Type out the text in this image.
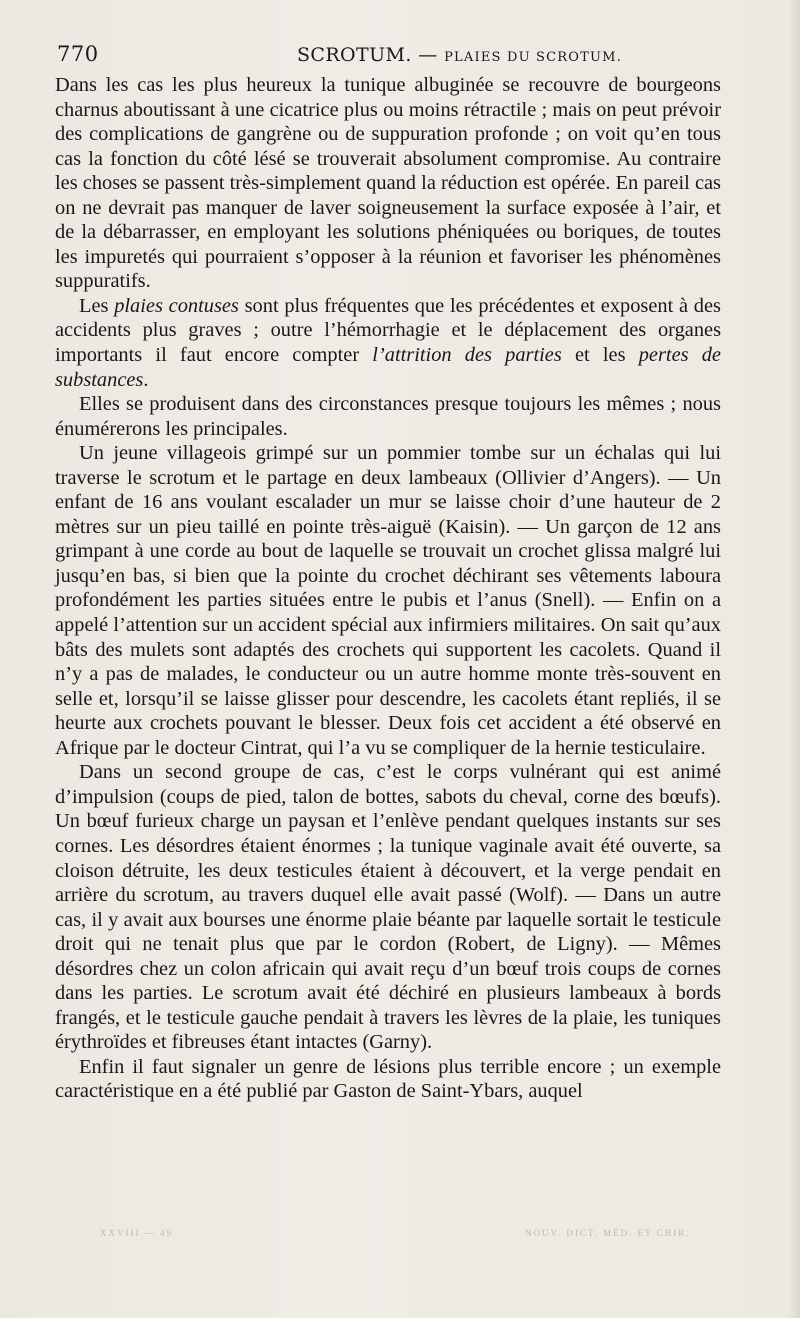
770	SCROTUM. — PLAIES DU SCROTUM.

Dans les cas les plus heureux la tunique albuginée se recouvre de bourgeons charnus aboutissant à une cicatrice plus ou moins rétractile ; mais on peut prévoir des complications de gangrène ou de suppuration profonde ; on voit qu’en tous cas la fonction du côté lésé se trouverait absolument compromise. Au contraire les choses se passent très-simplement quand la réduction est opérée. En pareil cas on ne devrait pas manquer de laver soigneusement la surface exposée à l’air, et de la débarrasser, en employant les solutions phéniquées ou boriques, de toutes les impuretés qui pourraient s’opposer à la réunion et favoriser les phénomènes suppuratifs.

Les plaies contuses sont plus fréquentes que les précédentes et exposent à des accidents plus graves ; outre l’hémorrhagie et le déplacement des organes importants il faut encore compter l’attrition des parties et les pertes de substances.

Elles se produisent dans des circonstances presque toujours les mêmes ; nous énumérerons les principales.

Un jeune villageois grimpé sur un pommier tombe sur un échalas qui lui traverse le scrotum et le partage en deux lambeaux (Ollivier d’Angers). — Un enfant de 16 ans voulant escalader un mur se laisse choir d’une hauteur de 2 mètres sur un pieu taillé en pointe très-aiguë (Kaisin). — Un garçon de 12 ans grimpant à une corde au bout de laquelle se trouvait un crochet glissa malgré lui jusqu’en bas, si bien que la pointe du crochet déchirant ses vêtements laboura profondément les parties situées entre le pubis et l’anus (Snell). — Enfin on a appelé l’attention sur un accident spécial aux infirmiers militaires. On sait qu’aux bâts des mulets sont adaptés des crochets qui supportent les cacolets. Quand il n’y a pas de malades, le conducteur ou un autre homme monte très-souvent en selle et, lorsqu’il se laisse glisser pour descendre, les cacolets étant repliés, il se heurte aux crochets pouvant le blesser. Deux fois cet accident a été observé en Afrique par le docteur Cintrat, qui l’a vu se compliquer de la hernie testiculaire.

Dans un second groupe de cas, c’est le corps vulnérant qui est animé d’impulsion (coups de pied, talon de bottes, sabots du cheval, corne des bœufs). Un bœuf furieux charge un paysan et l’enlève pendant quelques instants sur ses cornes. Les désordres étaient énormes ; la tunique vaginale avait été ouverte, sa cloison détruite, les deux testicules étaient à découvert, et la verge pendait en arrière du scrotum, au travers duquel elle avait passé (Wolf). — Dans un autre cas, il y avait aux bourses une énorme plaie béante par laquelle sortait le testicule droit qui ne tenait plus que par le cordon (Robert, de Ligny). — Mêmes désordres chez un colon africain qui avait reçu d’un bœuf trois coups de cornes dans les parties. Le scrotum avait été déchiré en plusieurs lambeaux à bords frangés, et le testicule gauche pendait à travers les lèvres de la plaie, les tuniques érythroïdes et fibreuses étant intactes (Garny).

Enfin il faut signaler un genre de lésions plus terrible encore ; un exemple caractéristique en a été publié par Gaston de Saint-Ybars, auquel

XXVIII — 49	NOUV. DICT. MÉD. ET CHIR.
